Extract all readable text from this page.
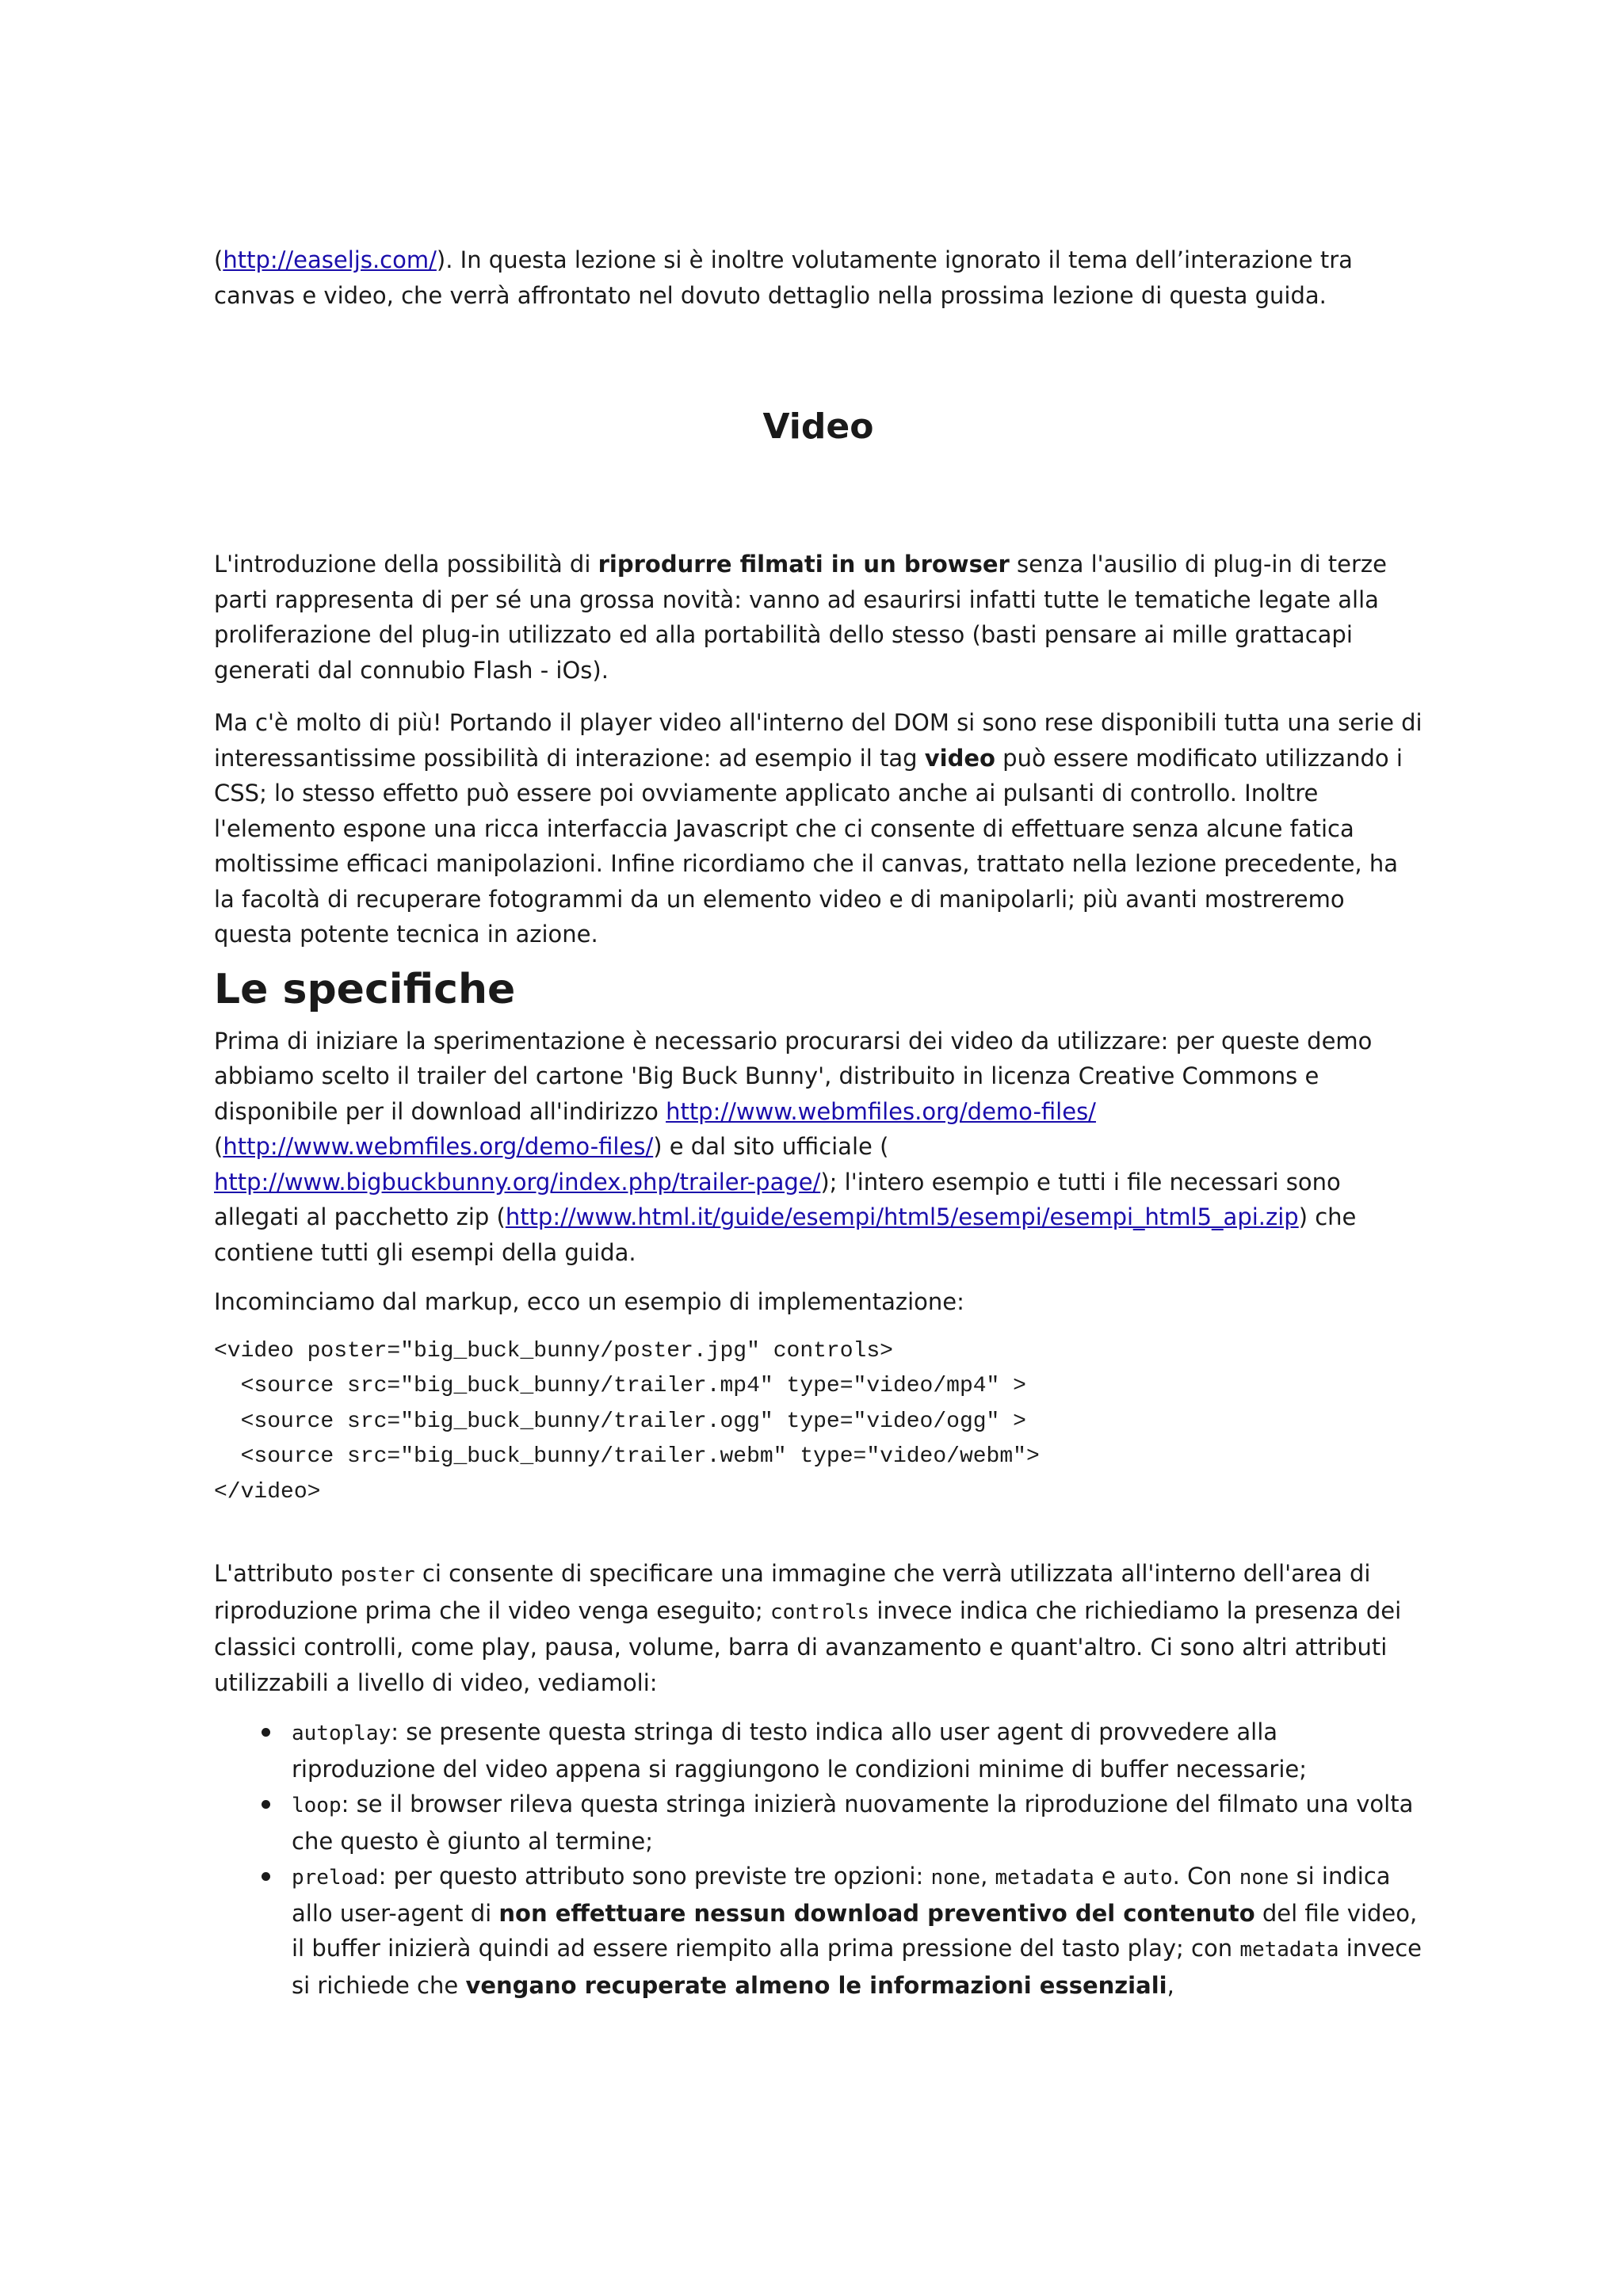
(http://easeljs.com/). In questa lezione si è inoltre volutamente ignorato il tema dell’interazione tra canvas e video, che verrà affrontato nel dovuto dettaglio nella prossima lezione di questa guida.

Video

L'introduzione della possibilità di riprodurre filmati in un browser senza l'ausilio di plug-in di terze parti rappresenta di per sé una grossa novità: vanno ad esaurirsi infatti tutte le tematiche legate alla proliferazione del plug-in utilizzato ed alla portabilità dello stesso (basti pensare ai mille grattacapi generati dal connubio Flash - iOs).

Ma c'è molto di più! Portando il player video all'interno del DOM si sono rese disponibili tutta una serie di interessantissime possibilità di interazione: ad esempio il tag video può essere modificato utilizzando i CSS; lo stesso effetto può essere poi ovviamente applicato anche ai pulsanti di controllo. Inoltre l'elemento espone una ricca interfaccia Javascript che ci consente di effettuare senza alcune fatica moltissime efficaci manipolazioni. Infine ricordiamo che il canvas, trattato nella lezione precedente, ha la facoltà di recuperare fotogrammi da un elemento video e di manipolarli; più avanti mostreremo questa potente tecnica in azione.

Le specifiche

Prima di iniziare la sperimentazione è necessario procurarsi dei video da utilizzare: per queste demo abbiamo scelto il trailer del cartone 'Big Buck Bunny', distribuito in licenza Creative Commons e disponibile per il download all'indirizzo http://www.webmfiles.org/demo-files/
(http://www.webmfiles.org/demo-files/) e dal sito ufficiale (
http://www.bigbuckbunny.org/index.php/trailer-page/); l'intero esempio e tutti i file necessari sono allegati al pacchetto zip (http://www.html.it/guide/esempi/html5/esempi/esempi_html5_api.zip) che contiene tutti gli esempi della guida.

Incominciamo dal markup, ecco un esempio di implementazione:

<video poster="big_buck_bunny/poster.jpg" controls>
<source src="big_buck_bunny/trailer.mp4" type="video/mp4" >
<source src="big_buck_bunny/trailer.ogg" type="video/ogg" >
<source src="big_buck_bunny/trailer.webm" type="video/webm">
</video>

L'attributo poster ci consente di specificare una immagine che verrà utilizzata all'interno dell'area di riproduzione prima che il video venga eseguito; controls invece indica che richiediamo la presenza dei classici controlli, come play, pausa, volume, barra di avanzamento e quant'altro. Ci sono altri attributi utilizzabili a livello di video, vediamoli:

autoplay: se presente questa stringa di testo indica allo user agent di provvedere alla riproduzione del video appena si raggiungono le condizioni minime di buffer necessarie;
loop: se il browser rileva questa stringa inizierà nuovamente la riproduzione del filmato una volta che questo è giunto al termine;
preload: per questo attributo sono previste tre opzioni: none, metadata e auto. Con none si indica allo user-agent di non effettuare nessun download preventivo del contenuto del file video, il buffer inizierà quindi ad essere riempito alla prima pressione del tasto play; con metadata invece si richiede che vengano recuperate almeno le informazioni essenziali,
